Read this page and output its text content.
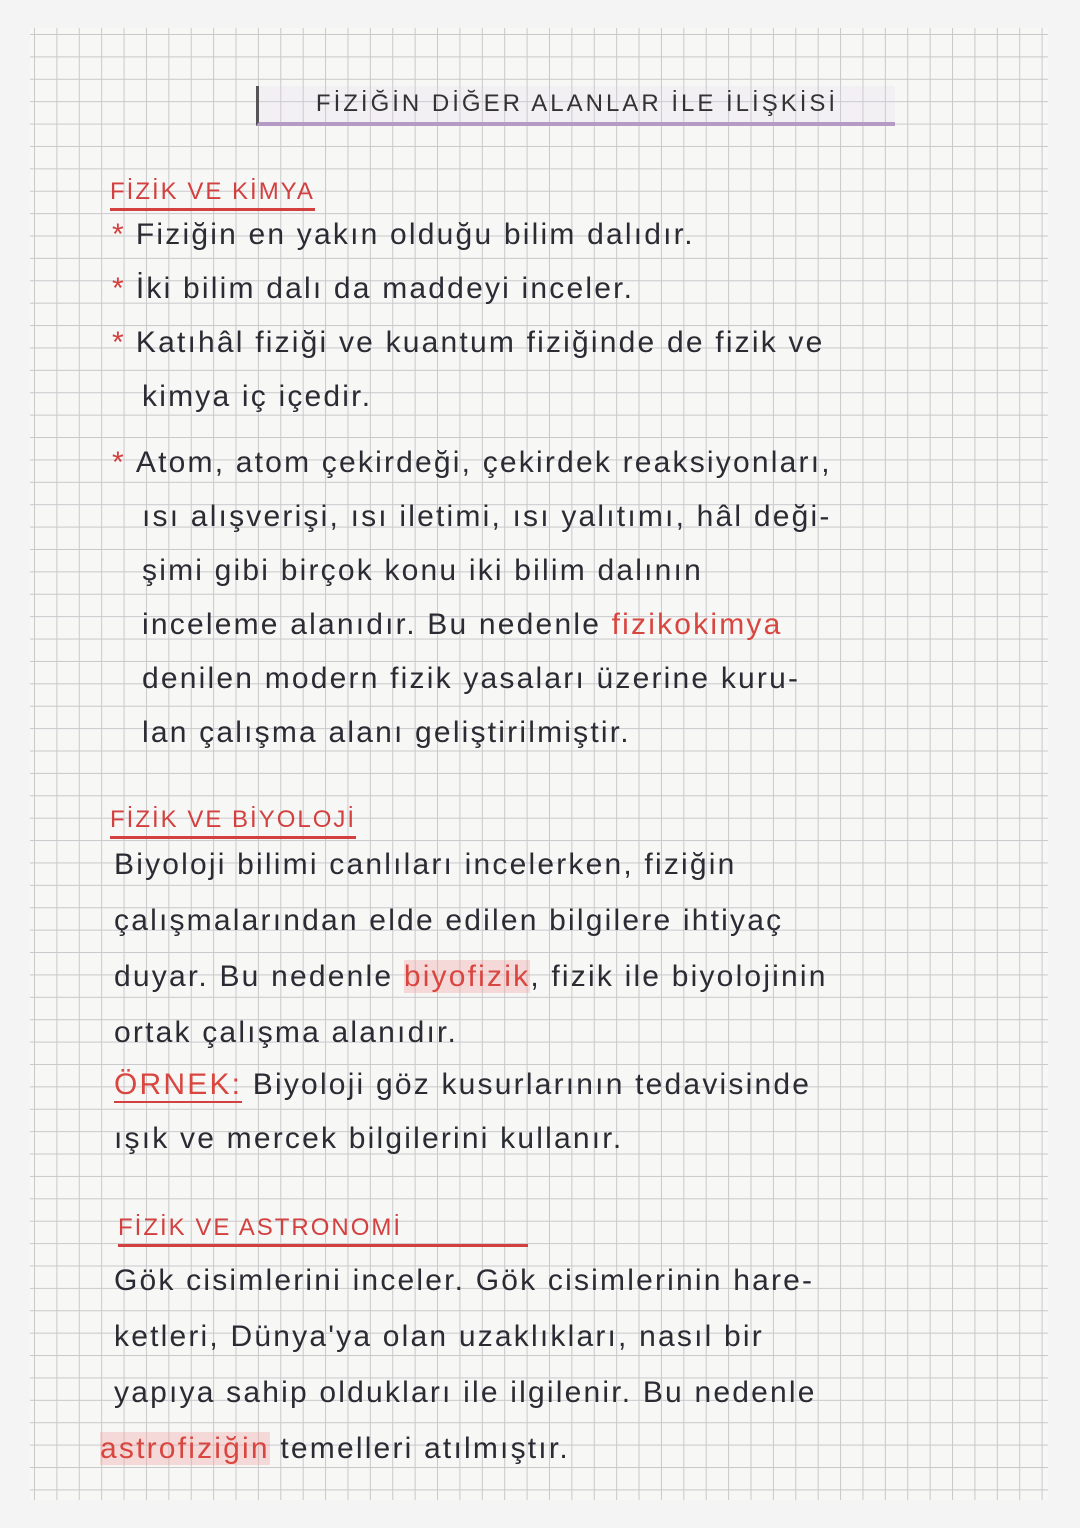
FİZİĞİN DİĞER ALANLAR İLE İLİŞKİSİ
FİZİK VE KİMYA
* Fiziğin en yakın olduğu bilim dalıdır.
* İki bilim dalı da maddeyi inceler.
* Katıhâl fiziği ve kuantum fiziğinde de fizik ve
kimya iç içedir.
* Atom, atom çekirdeği, çekirdek reaksiyonları,
ısı alışverişi, ısı iletimi, ısı yalıtımı, hâl deği-
şimi gibi birçok konu iki bilim dalının
inceleme alanıdır. Bu nedenle fizikokimya
denilen modern fizik yasaları üzerine kuru-
lan çalışma alanı geliştirilmiştir.
FİZİK VE BİYOLOJİ
Biyoloji bilimi canlıları incelerken, fiziğin
çalışmalarından elde edilen bilgilere ihtiyaç
duyar. Bu nedenle biyofizik, fizik ile biyolojinin
ortak çalışma alanıdır.
ÖRNEK: Biyoloji göz kusurlarının tedavisinde
ışık ve mercek bilgilerini kullanır.
FİZİK VE ASTRONOMİ
Gök cisimlerini inceler. Gök cisimlerinin hare-
ketleri, Dünya'ya olan uzaklıkları, nasıl bir
yapıya sahip oldukları ile ilgilenir. Bu nedenle
astrofiziğin temelleri atılmıştır.
